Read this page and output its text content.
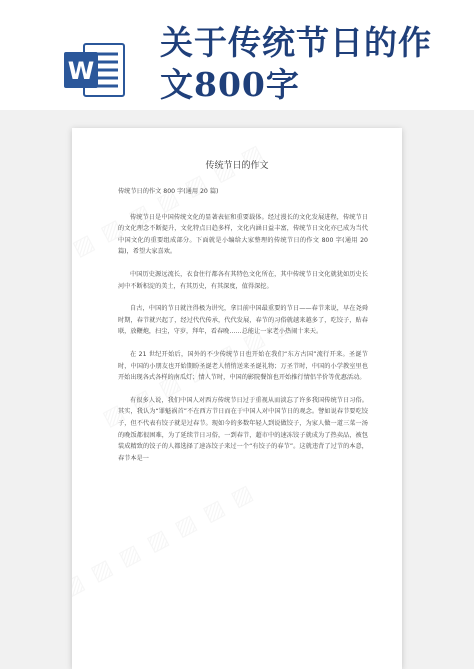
W
关于传统节日的作
文800字
传统节日的作文

传统节日的作文 800 字(通用 20 篇)

传统节日是中国传统文化的显著表征和重要载体。经过漫长的文化发展进程，传统节日的文化理念不断提升，文化特点日趋多样，文化内涵日益丰富，传统节日文化亦已成为当代中国文化的重要组成部分。下面就是小编给大家整理的传统节日的作文 800 字(通用 20 篇)，希望大家喜欢。

中国历史源远流长，衣食住行都各有其特色文化所在，其中传统节日文化就犹如历史长河中不断积淀的美土，有其历史，有其深度，值得深挖。

自古，中国的节日就注得极为讲究，拿目前中国最重要的节日——春节来说，早在尧舜时期，春节就兴起了，经过代代传承，代代发展，春节的习俗就越来越多了，吃饺子，贴春联，放鞭炮，扫尘，守岁，拜年，看春晚……总能让一家老小热闹十来天。

在 21 世纪开始后，国外的不少传统节日也开始在我们“东方古国”流行开来。圣诞节时，中国的小朋友也开始期盼圣诞老人悄悄送来圣诞礼物；万圣节时，中国的小学教室里也开始出现各式各样的南瓜灯；情人节时，中国的影院餐馆也开始推行情侣半价等优惠活动。

有很多人说，我们中国人对西方传统节日过于重视从而淡忘了许多我国传统节日习俗。其实，我认为“罪魁祸首”不在西方节日而在于中国人对中国节日的观念。譬如说春节要吃饺子，但不代表有饺子就是过春节。现如今的多数年轻人到说做饺子，为家人做一道三菜一汤的晚饭都很困难，为了延续节日习俗，一到春节，超市中的速冻饺子就成为了热卖品，被包装成精致的饺子的人都选择了速冻饺子来过一个“有饺子的春节”。这就违背了过节的本意，春节本是一
